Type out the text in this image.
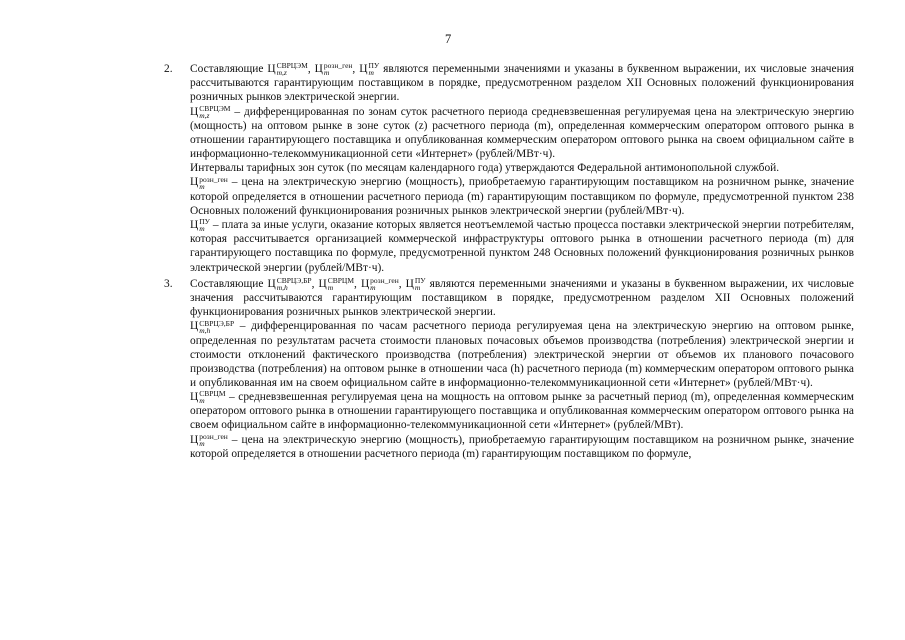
7
2. Составляющие Ц СВРЦЭМ
m,z	, Ц розн_ген
m	, Ц ПУ
m являются переменными значениями и указаны в буквенном выражении, их числовые значения рассчитываются гарантирующим поставщиком в порядке, предусмотренном разделом XII Основных положений функционирования розничных рынков электрической энергии.

Ц СВРЦЭМ
m,z	– дифференцированная по зонам суток расчетного периода средневзвешенная регулируемая цена на электрическую энергию (мощность) на оптовом рынке в зоне суток (z) расчетного периода (m), определенная коммерческим оператором оптового рынка в отношении гарантирующего поставщика и опубликованная коммерческим оператором оптового рынка на своем официальном сайте в информационно-телекоммуникационной сети «Интернет» (рублей/МВт·ч).

Интервалы тарифных зон суток (по месяцам календарного года) утверждаются Федеральной антимонопольной службой.

Ц розн_ген
m	– цена на электрическую энергию (мощность), приобретаемую гарантирующим поставщиком на розничном рынке, значение которой определяется в отношении расчетного периода (m) гарантирующим поставщиком по формуле, предусмотренной пунктом 238 Основных положений функционирования розничных рынков электрической энергии (рублей/МВт·ч).

Ц ПУ
m – плата за иные услуги, оказание которых является неотъемлемой частью процесса поставки электрической энергии потребителям, которая рассчитывается организацией коммерческой инфраструктуры оптового рынка в отношении расчетного периода (m) для гарантирующего поставщика по формуле, предусмотренной пунктом 248 Основных положений функционирования розничных рынков электрической энергии (рублей/МВт·ч).

3. Составляющие Ц СВРЦЭ,БР
m,h	, Ц СВРЦМ
m	, Ц розн_ген
m	, Ц ПУ
m являются переменными значениями и указаны в буквенном выражении, их числовые значения рассчитываются гарантирующим поставщиком в порядке, предусмотренном разделом XII Основных положений функционирования розничных рынков электрической энергии.

Ц СВРЦЭ,БР
m,h	– дифференцированная по часам расчетного периода регулируемая цена на электрическую энергию на оптовом рынке, определенная по результатам расчета стоимости плановых почасовых объемов производства (потребления) электрической энергии и стоимости отклонений фактического производства (потребления) электрической энергии от объемов их планового почасового производства (потребления) на оптовом рынке в отношении часа (h) расчетного периода (m) коммерческим оператором оптового рынка и опубликованная им на своем официальном сайте в информационно-телекоммуникационной сети «Интернет» (рублей/МВт·ч).

Ц СВРЦМ
m	– средневзвешенная регулируемая цена на мощность на оптовом рынке за расчетный период (m), определенная коммерческим оператором оптового рынка в отношении гарантирующего поставщика и опубликованная коммерческим оператором оптового рынка на своем официальном сайте в информационно-телекоммуникационной сети «Интернет» (рублей/МВт).

Ц розн_ген
m	– цена на электрическую энергию (мощность), приобретаемую гарантирующим поставщиком на розничном рынке, значение которой определяется в отношении расчетного периода (m) гарантирующим поставщиком по формуле,
